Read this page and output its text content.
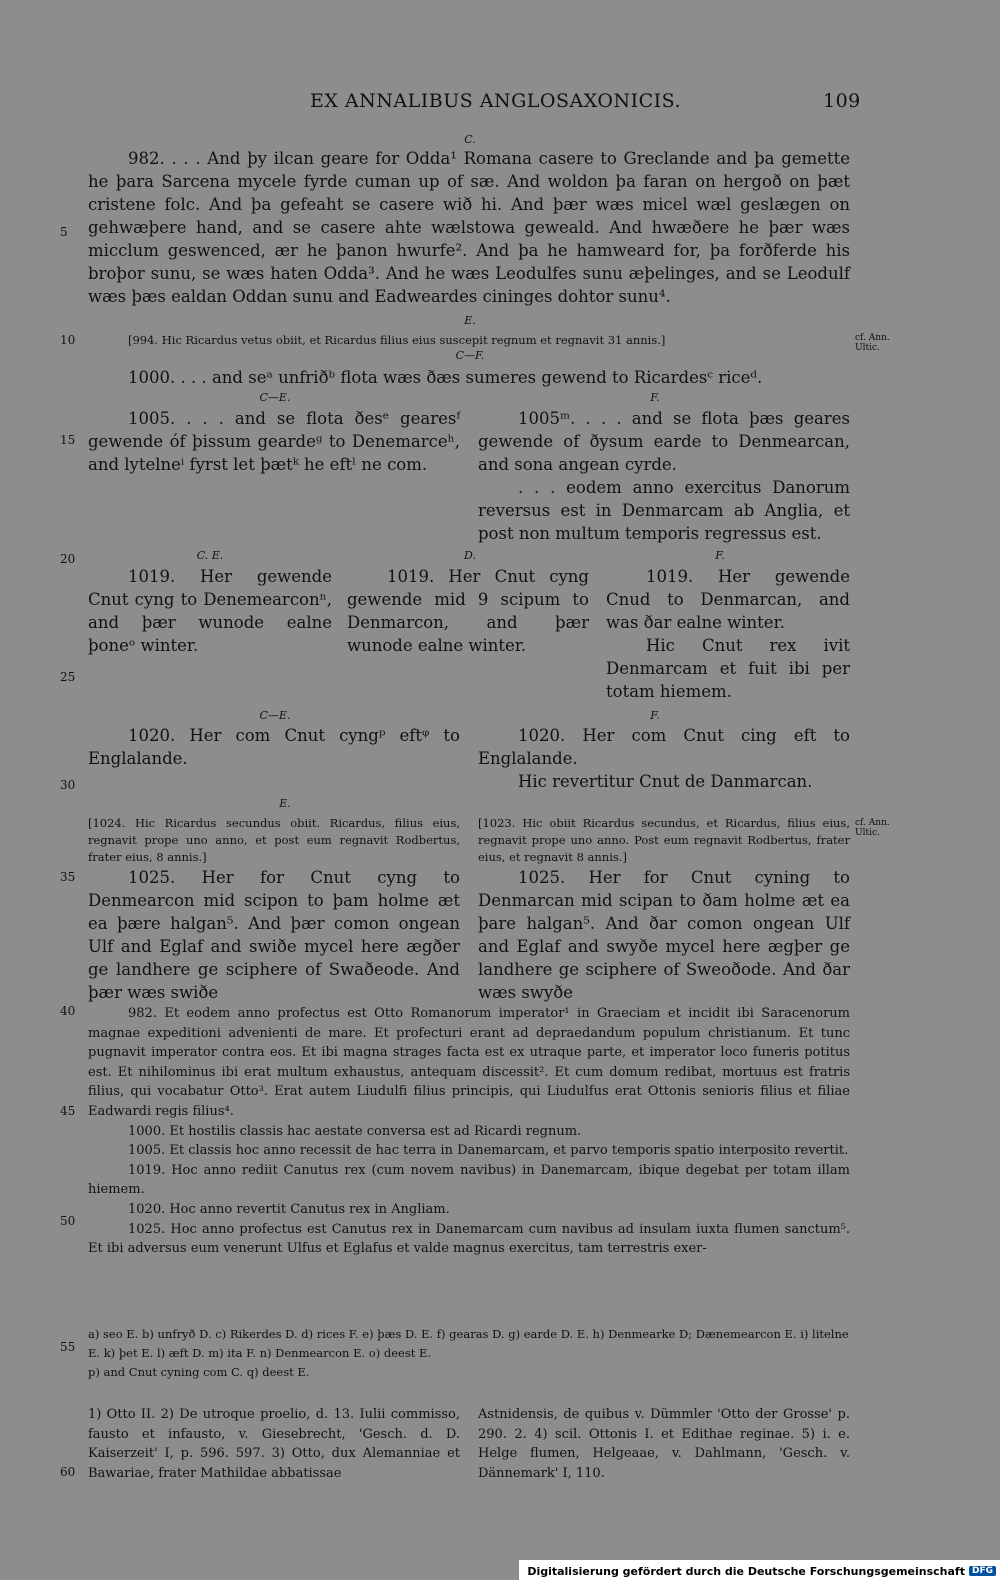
EX ANNALIBUS ANGLOSAXONICIS.	109
5
10
15
20
25
30
35
40
45
50
55
60
C.
E.
C—F.
C—E.	F.
C. E.	D.	F.
C—E.	F.
E.
cf. Ann. Ultic.
cf. Ann. Ultic.

982. . . . And þy ilcan geare for Odda¹ Romana casere to Greclande and þa gemette he þara Sarcena mycele fyrde cuman up of sæ. And woldon þa faran on hergoð on þæt cristene folc. And þa gefeaht se casere wið hi. And þær wæs micel wæl geslægen on gehwæþere hand, and se casere ahte wælstowa geweald. And hwæðere he þær wæs micclum geswenced, ær he þanon hwurfe². And þa he hamweard for, þa forðferde his broþor sunu, se wæs haten Odda³. And he wæs Leodulfes sunu æþelinges, and se Leodulf wæs þæs ealdan Oddan sunu and Eadweardes cininges dohtor sunu⁴.

[994. Hic Ricardus vetus obiit, et Ricardus filius eius suscepit regnum et regnavit 31 annis.]

1000. . . . and seᵃ unfriðᵇ flota wæs ðæs sumeres gewend to Ricardesᶜ riceᵈ.

1005. . . . and se flota ðesᵉ gearesᶠ gewende óf þissum geardeᵍ to Denemarceʰ, and lytelneⁱ fyrst let þætᵏ he eftˡ ne com.

1005ᵐ. . . . and se flota þæs geares gewende of ðysum earde to Denmearcan, and sona angean cyrde.

. . . eodem anno exercitus Danorum reversus est in Denmarcam ab Anglia, et post non multum temporis regressus est.

1019. Her gewende Cnut cyng to Denemearconⁿ, and þær wunode ealne þoneᵒ winter.

1019. Her Cnut cyng gewende mid 9 scipum to Denmarcon, and þær wunode ealne winter.

1019. Her gewende Cnud to Denmarcan, and was ðar ealne winter.

Hic Cnut rex ivit Denmarcam et fuit ibi per totam hiemem.

1020. Her com Cnut cyngᵖ eftᵠ to Englalande.

1020. Her com Cnut cing eft to Englalande.

Hic revertitur Cnut de Danmarcan.

[1024. Hic Ricardus secundus obiit. Ricardus, filius eius, regnavit prope uno anno, et post eum regnavit Rodbertus, frater eius, 8 annis.]

[1023. Hic obiit Ricardus secundus, et Ricardus, filius eius, regnavit prope uno anno. Post eum regnavit Rodbertus, frater eius, et regnavit 8 annis.]

1025. Her for Cnut cyng to Denmearcon mid scipon to þam holme æt ea þære halgan⁵. And þær comon ongean Ulf and Eglaf and swiðe mycel here ægðer ge landhere ge sciphere of Swaðeode. And þær wæs swiðe

1025. Her for Cnut cyning to Denmarcan mid scipan to ðam holme æt ea þare halgan⁵. And ðar comon ongean Ulf and Eglaf and swyðe mycel here ægþer ge landhere ge sciphere of Sweoðode. And ðar wæs swyðe

982. Et eodem anno profectus est Otto Romanorum imperator¹ in Graeciam et incidit ibi Saracenorum magnae expeditioni advenienti de mare. Et profecturi erant ad depraedandum populum christianum. Et tunc pugnavit imperator contra eos. Et ibi magna strages facta est ex utraque parte, et imperator loco funeris potitus est. Et nihilominus ibi erat multum exhaustus, antequam discessit². Et cum domum redibat, mortuus est fratris filius, qui vocabatur Otto³. Erat autem Liudulfi filius principis, qui Liudulfus erat Ottonis senioris filius et filiae Eadwardi regis filius⁴.

1000. Et hostilis classis hac aestate conversa est ad Ricardi regnum.

1005. Et classis hoc anno recessit de hac terra in Danemarcam, et parvo temporis spatio interposito revertit.

1019. Hoc anno rediit Canutus rex (cum novem navibus) in Danemarcam, ibique degebat per totam illam hiemem.

1020. Hoc anno revertit Canutus rex in Angliam.

1025. Hoc anno profectus est Canutus rex in Danemarcam cum navibus ad insulam iuxta flumen sanctum⁵. Et ibi adversus eum venerunt Ulfus et Eglafus et valde magnus exercitus, tam terrestris exer-

a) seo E. b) unfryð D. c) Rikerdes D. d) rices F. e) þæs D. E. f) gearas D. g) earde D. E. h) Denmearke D; Dænemearcon E. i) litelne E. k) þet E. l) æft D. m) ita F. n) Denmearcon E. o) deest E.

p) and Cnut cyning com C. q) deest E.

1) Otto II. 2) De utroque proelio, d. 13. Iulii commisso, fausto et infausto, v. Giesebrecht, 'Gesch. d. D. Kaiserzeit' I, p. 596. 597. 3) Otto, dux Alemanniae et Bawariae, frater Mathildae abbatissae

Astnidensis, de quibus v. Dümmler 'Otto der Grosse' p. 290. 2. 4) scil. Ottonis I. et Edithae reginae. 5) i. e. Helge flumen, Helgeaae, v. Dahlmann, 'Gesch. v. Dännemark' I, 110.

Digitalisierung gefördert durch die Deutsche Forschungsgemeinschaft DFG
